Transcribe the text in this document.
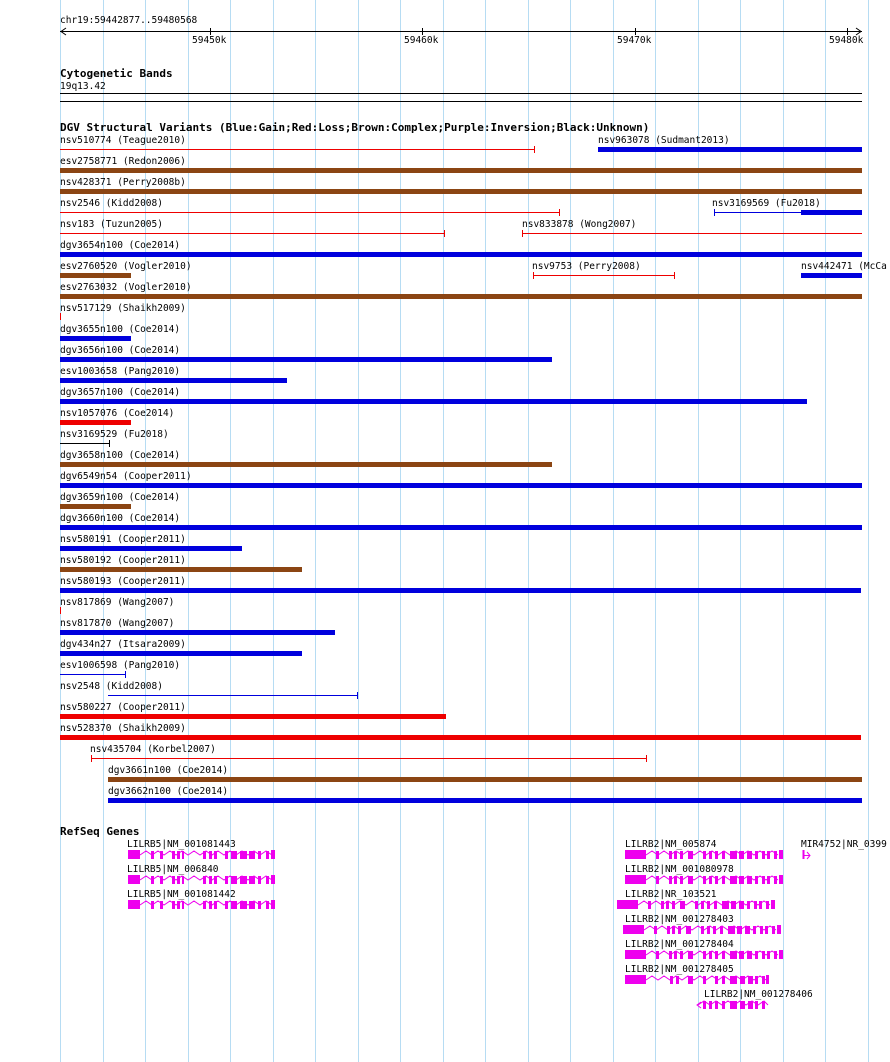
chr19:59442877..59480568
59450k	59460k	59470k	59480k
Cytogenetic Bands
19q13.42
DGV Structural Variants (Blue:Gain;Red:Loss;Brown:Complex;Purple:Inversion;Black:Unknown)
nsv510774 (Teague2010)	nsv963078 (Sudmant2013)
esv2758771 (Redon2006)
nsv428371 (Perry2008b)
nsv2546 (Kidd2008)	nsv3169569 (Fu2018)
nsv183 (Tuzun2005)	nsv833878 (Wong2007)
dgv3654n100 (Coe2014)
esv2760520 (Vogler2010)	nsv9753 (Perry2008)	nsv442471 (McCa
esv2763032 (Vogler2010)
nsv517129 (Shaikh2009)
dgv3655n100 (Coe2014)
dgv3656n100 (Coe2014)
esv1003658 (Pang2010)
dgv3657n100 (Coe2014)
nsv1057076 (Coe2014)
nsv3169529 (Fu2018)
dgv3658n100 (Coe2014)
dgv6549n54 (Cooper2011)
dgv3659n100 (Coe2014)
dgv3660n100 (Coe2014)
nsv580191 (Cooper2011)
nsv580192 (Cooper2011)
nsv580193 (Cooper2011)
nsv817869 (Wang2007)
nsv817870 (Wang2007)
dgv434n27 (Itsara2009)
esv1006598 (Pang2010)
nsv2548 (Kidd2008)
nsv580227 (Cooper2011)
nsv528370 (Shaikh2009)
nsv435704 (Korbel2007)
dgv3661n100 (Coe2014)
dgv3662n100 (Coe2014)
RefSeq Genes
LILRB5|NM_001081443
LILRB5|NM_006840
LILRB5|NM_001081442
LILRB2|NM_005874	MIR4752|NR_0399
LILRB2|NM_001080978
LILRB2|NR_103521
LILRB2|NM_001278403
LILRB2|NM_001278404
LILRB2|NM_001278405
LILRB2|NM_001278406
